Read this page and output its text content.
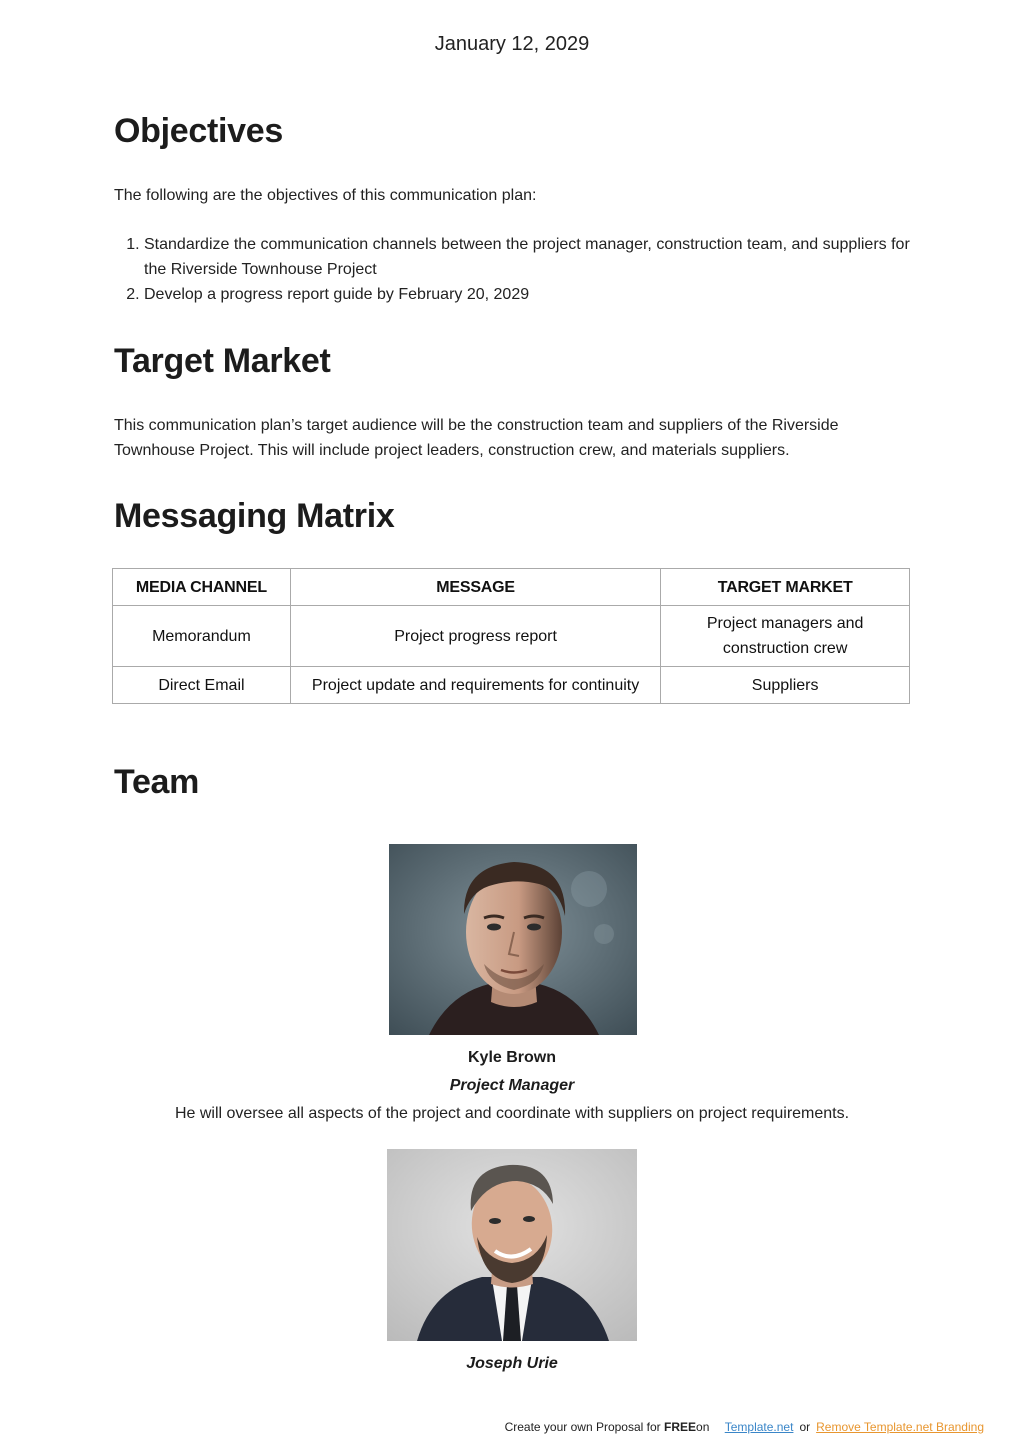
January 12, 2029
Objectives

The following are the objectives of this communication plan:

1. Standardize the communication channels between the project manager, construction team, and suppliers for the Riverside Townhouse Project
2. Develop a progress report guide by February 20, 2029
Target Market

This communication plan’s target audience will be the construction team and suppliers of the Riverside Townhouse Project. This will include project leaders, construction crew, and materials suppliers.

Messaging Matrix
MEDIA CHANNEL	MESSAGE	TARGET MARKET
Memorandum	Project progress report	Project managers and construction crew
Direct Email	Project update and requirements for continuity	Suppliers
Team
Kyle Brown
Project Manager
He will oversee all aspects of the project and coordinate with suppliers on project requirements.
Joseph Urie
Create your own Proposal for FREEon Template.net or Remove Template.net Branding
